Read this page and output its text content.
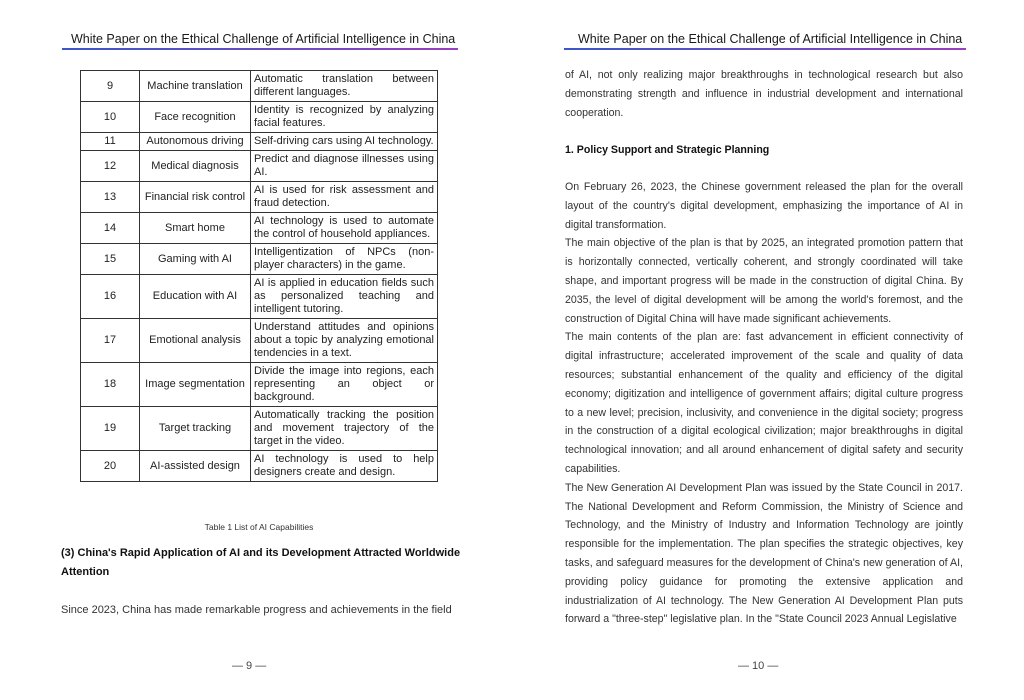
White Paper on the Ethical Challenge of Artificial Intelligence in China
9	Machine translation	Automatic translation between different languages.
10	Face recognition	Identity is recognized by analyzing facial features.
11	Autonomous driving	Self-driving cars using AI technology.
12	Medical diagnosis	Predict and diagnose illnesses using AI.
13	Financial risk control	AI is used for risk assessment and fraud detection.
14	Smart home	AI technology is used to automate the control of household appliances.
15	Gaming with AI	Intelligentization of NPCs (non-player characters) in the game.
16	Education with AI	AI is applied in education fields such as personalized teaching and intelligent tutoring.
17	Emotional analysis	Understand attitudes and opinions about a topic by analyzing emotional tendencies in a text.
18	Image segmentation	Divide the image into regions, each representing an object or background.
19	Target tracking	Automatically tracking the position and movement trajectory of the target in the video.
20	AI-assisted design	AI technology is used to help designers create and design.
Table 1 List of AI Capabilities
(3) China's Rapid Application of AI and its Development Attracted Worldwide Attention
Since 2023, China has made remarkable progress and achievements in the field
— 9 —
White Paper on the Ethical Challenge of Artificial Intelligence in China

of AI, not only realizing major breakthroughs in technological research but also demonstrating strength and influence in industrial development and international cooperation.

1. Policy Support and Strategic Planning

On February 26, 2023, the Chinese government released the plan for the overall layout of the country's digital development, emphasizing the importance of AI in digital transformation.

The main objective of the plan is that by 2025, an integrated promotion pattern that is horizontally connected, vertically coherent, and strongly coordinated will take shape, and important progress will be made in the construction of digital China. By 2035, the level of digital development will be among the world's foremost, and the construction of Digital China will have made significant achievements.

The main contents of the plan are: fast advancement in efficient connectivity of digital infrastructure; accelerated improvement of the scale and quality of data resources; substantial enhancement of the quality and efficiency of the digital economy; digitization and intelligence of government affairs; digital culture progress to a new level; precision, inclusivity, and convenience in the digital society; progress in the construction of a digital ecological civilization; major breakthroughs in digital technological innovation; and all around enhancement of digital safety and security capabilities.

The New Generation AI Development Plan was issued by the State Council in 2017. The National Development and Reform Commission, the Ministry of Science and Technology, and the Ministry of Industry and Information Technology are jointly responsible for the implementation. The plan specifies the strategic objectives, key tasks, and safeguard measures for the development of China's new generation of AI, providing policy guidance for promoting the extensive application and industrialization of AI technology. The New Generation AI Development Plan puts forward a "three-step" legislative plan. In the "State Council 2023 Annual Legislative

— 10 —
